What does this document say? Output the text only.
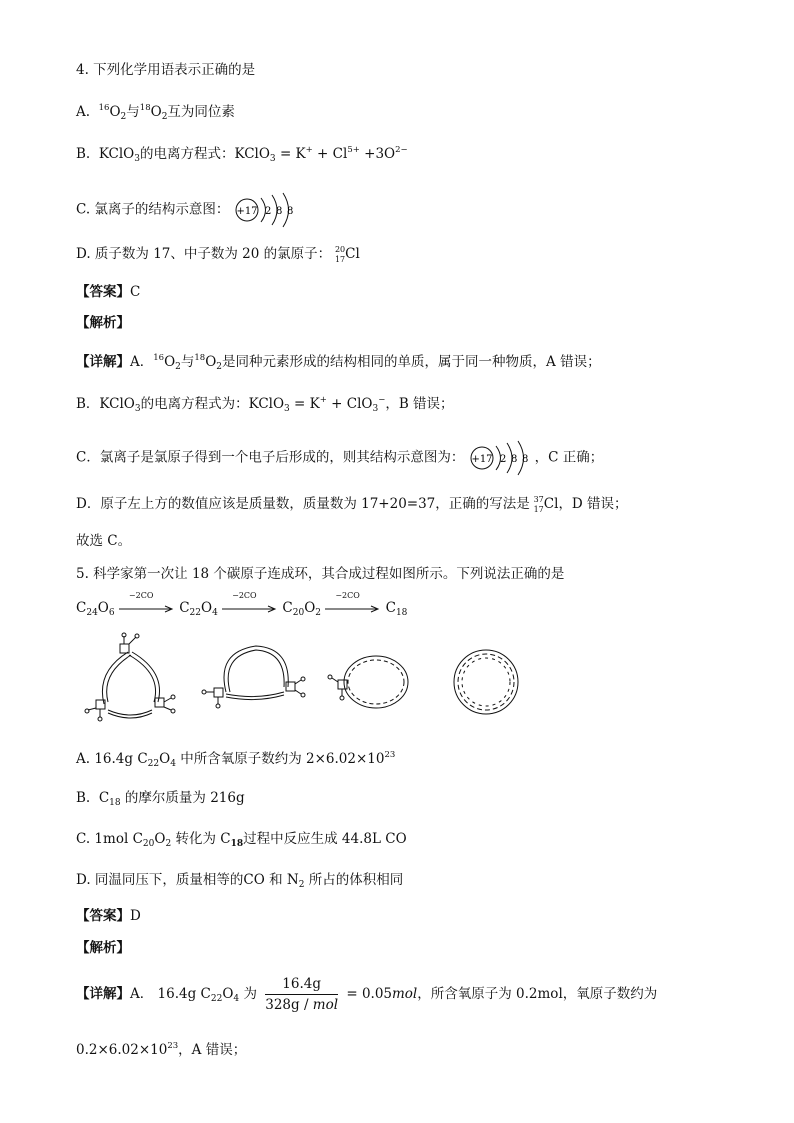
4. 下列化学用语表示正确的是
A. $^{16}O_2$与$^{18}O_2$互为同位素
B. KClO$_3$的电离方程式：KClO$_3$ = $K^+ + Cl^{5+} +3O^{2-}$
C. 氯离子的结构示意图： +17 2 8 8
D. 质子数为 17、中子数为 20 的氯原子： 20
17 Cl
【答案】C
【解析】
【详解】A．$^{16}O_2$与$^{18}O_2$是同种元素形成的结构相同的单质，属于同一种物质，A 错误；
B．KClO$_3$的电离方程式为：KClO$_3$ = K+ + ClO$_3$−，B 错误；
C．氯离子是氯原子得到一个电子后形成的，则其结构示意图为： +17 2 8 8 ，C 正确；
D．原子左上方的数值应该是质量数，质量数为 17+20=37，正确的写法是 37
17 Cl，D 错误；
故选 C。
5. 科学家第一次让 18 个碳原子连成环，其合成过程如图所示。下列说法正确的是
$C_{24}O_6$
−2CO
$C_{22}O_4$
−2CO
$C_{20}O_2$
−2CO
$C_{18}$
A. 16.4g $C_{22}O_4$ 中所含氧原子数约为 $2\times 6.02\times 10^{23}$
B.  $C_{18}$ 的摩尔质量为 216g
C. 1mol $C_{20}O_2$ 转化为 $C_{18}$过程中反应生成 44.8L CO
D. 同温同压下，质量相等的CO 和 $N_2$ 所占的体积相同
【答案】D
【解析】
【详解】A． 16.4g $C_{22}O_4$ 为 $\frac{16.4g}{\text{328g / mol}} = 0.05mol$，所含氧原子为 0.2mol，氧原子数约为
$0.2\times 6.02\times 10^{23}$，A 错误；
